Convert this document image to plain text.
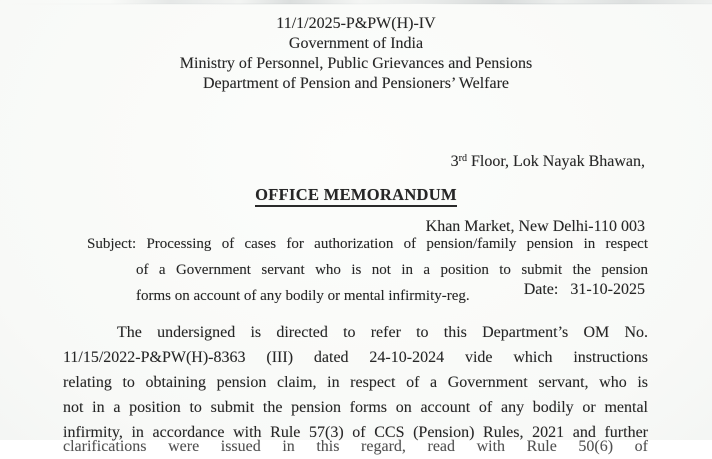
11/1/2025-P&PW(H)-IV
Government of India
Ministry of Personnel, Public Grievances and Pensions
Department of Pension and Pensioners’ Welfare

3rd Floor, Lok Nayak Bhawan,

Khan Market, New Delhi-110 003

Date:   31-10-2025

OFFICE MEMORANDUM
Subject: Processing of cases for authorization of pension/family pension in respect
of a Government servant who is not in a position to submit the pension
forms on account of any bodily or mental infirmity-reg.
The undersigned is directed to refer to this Department’s OM No.
11/15/2022-P&PW(H)-8363 (III) dated 24-10-2024 vide which instructions
relating to obtaining pension claim, in respect of a Government servant, who is
not in a position to submit the pension forms on account of any bodily or mental
infirmity, in accordance with Rule 57(3) of CCS (Pension) Rules, 2021 and further
clarifications were issued in this regard, read with Rule 50(6) of
